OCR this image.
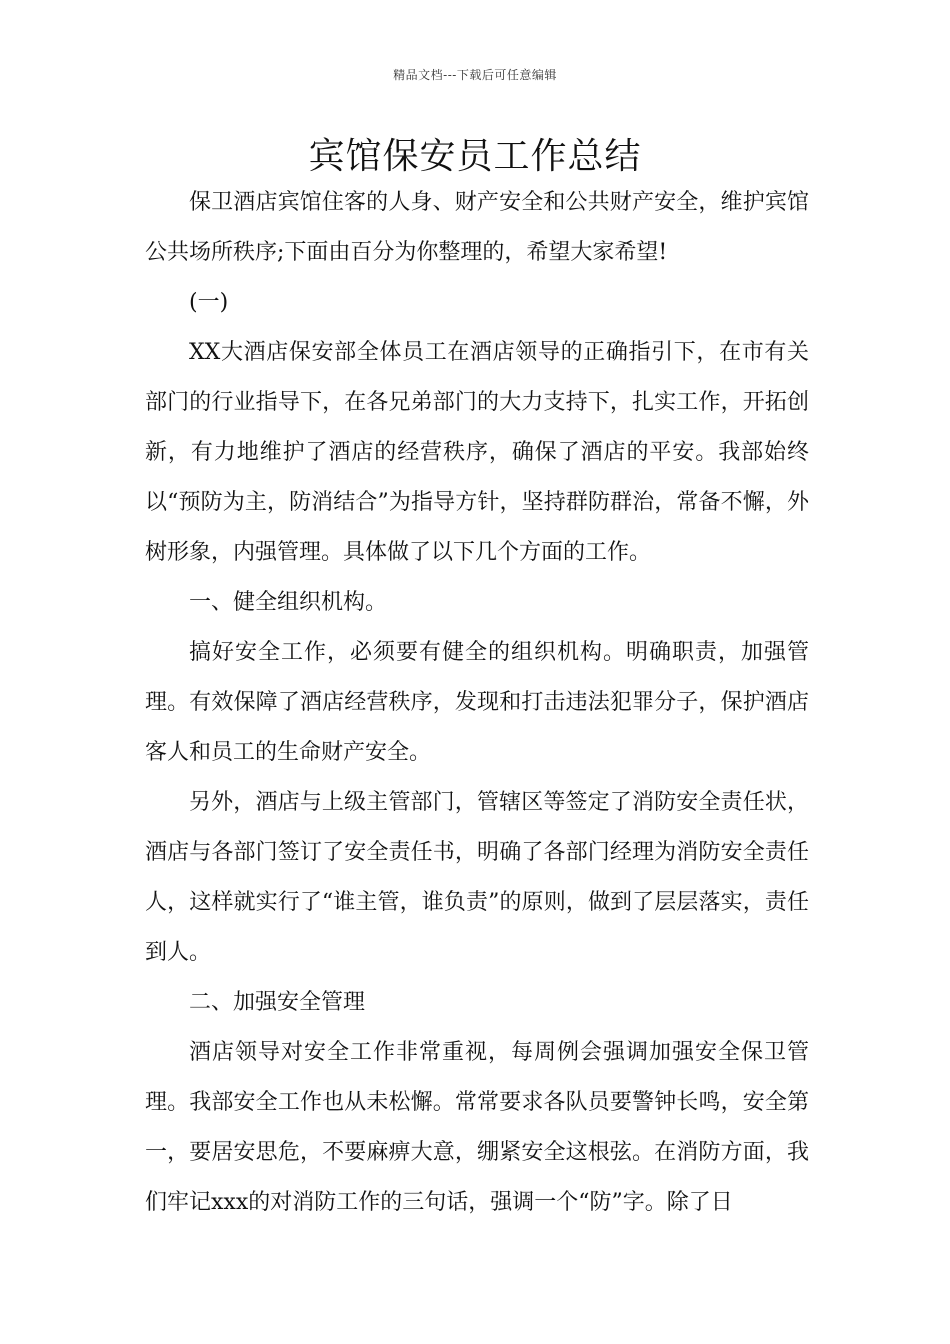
精品文档---下载后可任意编辑
宾馆保安员工作总结

保卫酒店宾馆住客的人身、财产安全和公共财产安全，维护宾馆公共场所秩序;下面由百分为你整理的，希望大家希望!

(一)

XX大酒店保安部全体员工在酒店领导的正确指引下，在市有关部门的行业指导下，在各兄弟部门的大力支持下，扎实工作，开拓创新，有力地维护了酒店的经营秩序，确保了酒店的平安。我部始终以“预防为主，防消结合”为指导方针，坚持群防群治，常备不懈，外树形象，内强管理。具体做了以下几个方面的工作。

一、健全组织机构。

搞好安全工作，必须要有健全的组织机构。明确职责，加强管理。有效保障了酒店经营秩序，发现和打击违法犯罪分子，保护酒店客人和员工的生命财产安全。

另外，酒店与上级主管部门，管辖区等签定了消防安全责任状，酒店与各部门签订了安全责任书，明确了各部门经理为消防安全责任人，这样就实行了“谁主管，谁负责”的原则，做到了层层落实，责任到人。

二、加强安全管理

酒店领导对安全工作非常重视，每周例会强调加强安全保卫管理。我部安全工作也从未松懈。常常要求各队员要警钟长鸣，安全第一，要居安思危，不要麻痹大意，绷紧安全这根弦。在消防方面，我们牢记xxx的对消防工作的三句话，强调一个“防”字。除了日
